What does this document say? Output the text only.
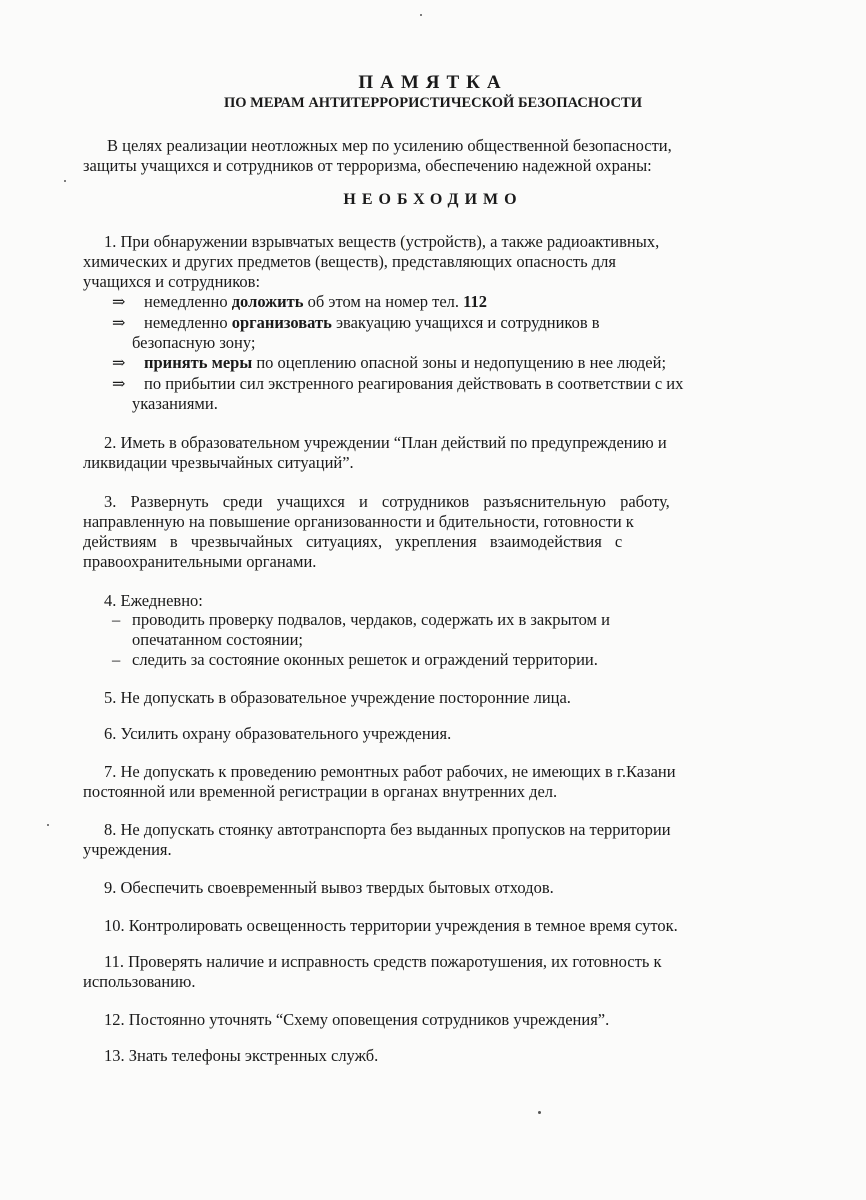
ПАМЯТКА
ПО МЕРАМ АНТИТЕРРОРИСТИЧЕСКОЙ БЕЗОПАСНОСТИ
В целях реализации неотложных мер по усилению общественной безопасности,
защиты учащихся и сотрудников от терроризма, обеспечению надежной охраны:
НЕОБХОДИМО
1. При обнаружении взрывчатых веществ (устройств), а также радиоактивных,
химических и других предметов (веществ), представляющих опасность для
учащихся и сотрудников:
⇒ немедленно доложить об этом на номер тел. 112
⇒ немедленно организовать эвакуацию учащихся и сотрудников в
безопасную зону;
⇒ принять меры по оцеплению опасной зоны и недопущению в нее людей;
⇒ по прибытии сил экстренного реагирования действовать в соответствии с их
указаниями.
2. Иметь в образовательном учреждении “План действий по предупреждению и
ликвидации чрезвычайных ситуаций”.
3. Развернуть среди учащихся и сотрудников разъяснительную работу,
направленную на повышение организованности и бдительности, готовности к
действиям в чрезвычайных ситуациях, укрепления взаимодействия с
правоохранительными органами.
4. Ежедневно:
– проводить проверку подвалов, чердаков, содержать их в закрытом и
опечатанном состоянии;
– следить за состояние оконных решеток и ограждений территории.
5. Не допускать в образовательное учреждение посторонние лица.
6. Усилить охрану образовательного учреждения.
7. Не допускать к проведению ремонтных работ рабочих, не имеющих в г.Казани
постоянной или временной регистрации в органах внутренних дел.
8. Не допускать стоянку автотранспорта без выданных пропусков на территории
учреждения.
9. Обеспечить своевременный вывоз твердых бытовых отходов.
10. Контролировать освещенность территории учреждения в темное время суток.
11. Проверять наличие и исправность средств пожаротушения, их готовность к
использованию.
12. Постоянно уточнять “Схему оповещения сотрудников учреждения”.
13. Знать телефоны экстренных служб.
